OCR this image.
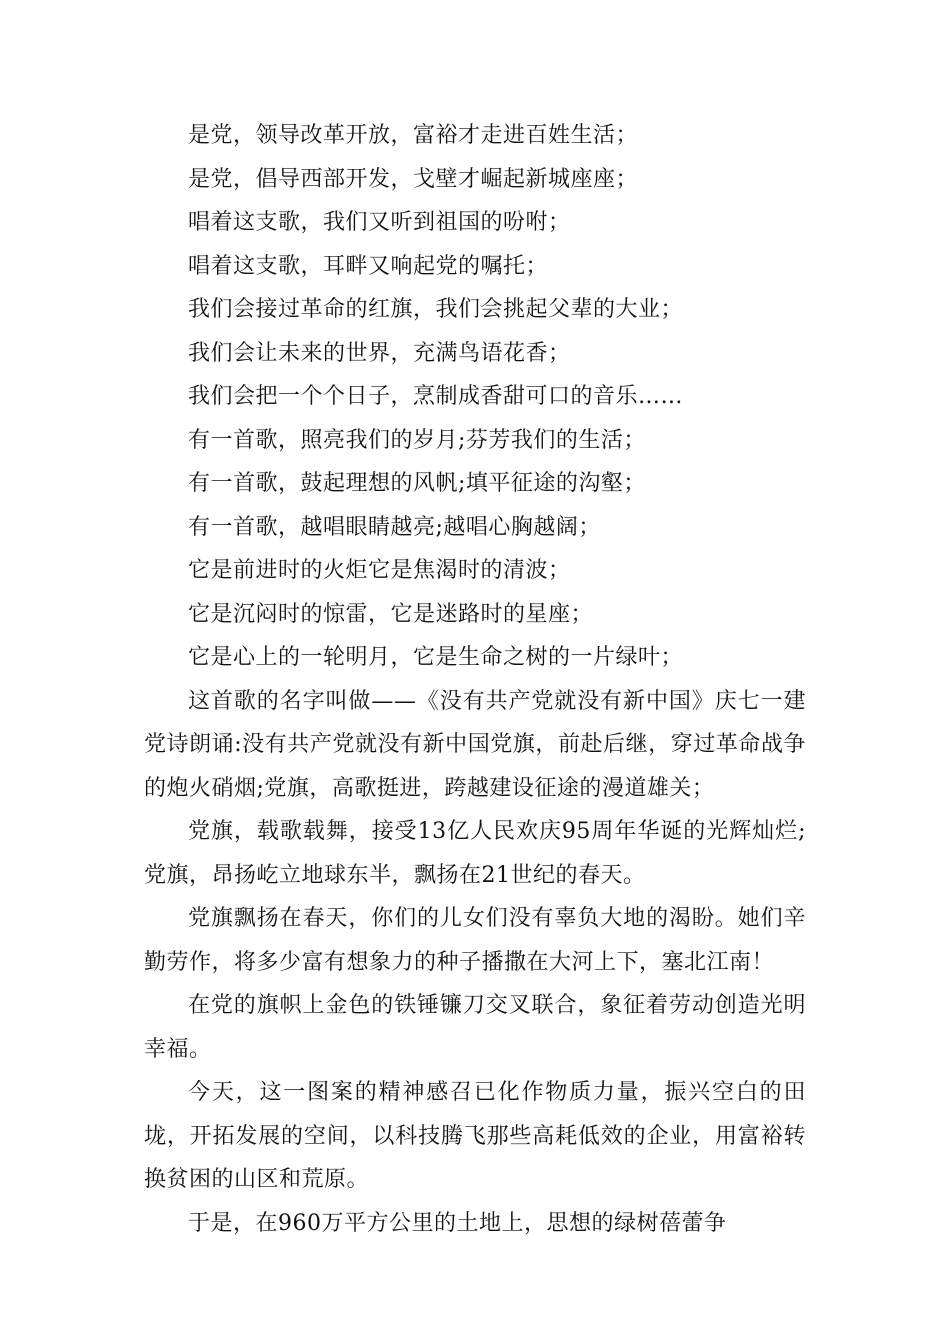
是党，领导改革开放，富裕才走进百姓生活；

是党，倡导西部开发，戈壁才崛起新城座座；

唱着这支歌，我们又听到祖国的吩咐；

唱着这支歌，耳畔又响起党的嘱托；

我们会接过革命的红旗，我们会挑起父辈的大业；

我们会让未来的世界，充满鸟语花香；

我们会把一个个日子，烹制成香甜可口的音乐……

有一首歌，照亮我们的岁月;芬芳我们的生活；

有一首歌，鼓起理想的风帆;填平征途的沟壑；

有一首歌，越唱眼睛越亮;越唱心胸越阔；

它是前进时的火炬它是焦渴时的清波；

它是沉闷时的惊雷，它是迷路时的星座；

它是心上的一轮明月，它是生命之树的一片绿叶；

这首歌的名字叫做——《没有共产党就没有新中国》庆七一建党诗朗诵:没有共产党就没有新中国党旗，前赴后继，穿过革命战争的炮火硝烟;党旗，高歌挺进，跨越建设征途的漫道雄关；

党旗，载歌载舞，接受13亿人民欢庆95周年华诞的光辉灿烂;党旗，昂扬屹立地球东半，飘扬在21世纪的春天。

党旗飘扬在春天，你们的儿女们没有辜负大地的渴盼。她们辛勤劳作，将多少富有想象力的种子播撒在大河上下，塞北江南！

在党的旗帜上金色的铁锤镰刀交叉联合，象征着劳动创造光明幸福。

今天，这一图案的精神感召已化作物质力量，振兴空白的田垅，开拓发展的空间，以科技腾飞那些高耗低效的企业，用富裕转换贫困的山区和荒原。

于是，在960万平方公里的土地上，思想的绿树蓓蕾争
